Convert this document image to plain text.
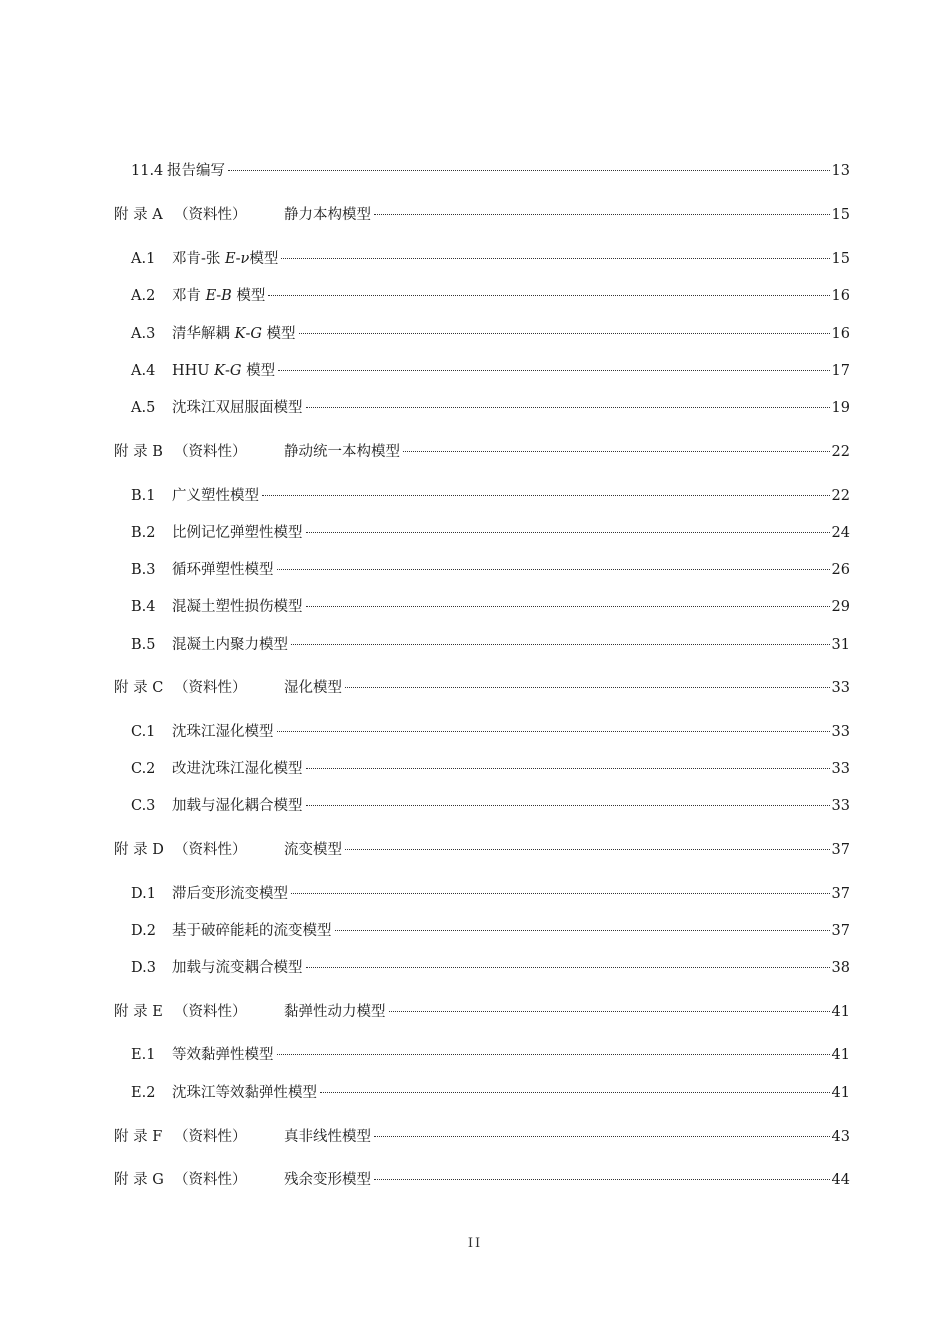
11.4 报告编写	13
附 录 A （资料性）	静力本构模型	15
A.1	邓肯-张 E-ν模型	15
A.2	邓肯 E-B 模型	16
A.3	清华解耦 K-G 模型	16
A.4	HHU K-G 模型	17
A.5	沈珠江双屈服面模型	19
附 录 B （资料性）	静动统一本构模型	22
B.1	广义塑性模型	22
B.2	比例记忆弹塑性模型	24
B.3	循环弹塑性模型	26
B.4	混凝土塑性损伤模型	29
B.5	混凝土内聚力模型	31
附 录 C （资料性）	湿化模型	33
C.1	沈珠江湿化模型	33
C.2	改进沈珠江湿化模型	33
C.3	加载与湿化耦合模型	33
附 录 D （资料性）	流变模型	37
D.1	滞后变形流变模型	37
D.2	基于破碎能耗的流变模型	37
D.3	加载与流变耦合模型	38
附 录 E （资料性）	黏弹性动力模型	41
E.1	等效黏弹性模型	41
E.2	沈珠江等效黏弹性模型	41
附 录 F （资料性）	真非线性模型	43
附 录 G （资料性）	残余变形模型	44
II
